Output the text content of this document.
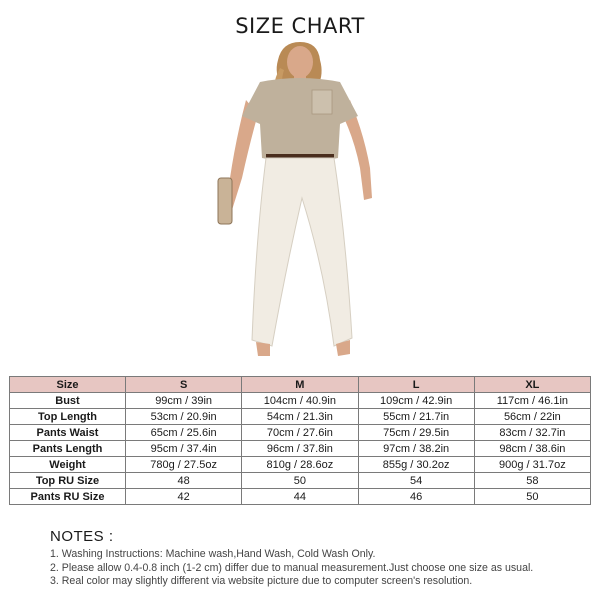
SIZE CHART
Size	S	M	L	XL
Bust	99cm / 39in	104cm / 40.9in	109cm / 42.9in	117cm / 46.1in
Top Length	53cm / 20.9in	54cm / 21.3in	55cm / 21.7in	56cm / 22in
Pants Waist	65cm / 25.6in	70cm / 27.6in	75cm / 29.5in	83cm / 32.7in
Pants Length	95cm / 37.4in	96cm / 37.8in	97cm / 38.2in	98cm / 38.6in
Weight	780g / 27.5oz	810g / 28.6oz	855g / 30.2oz	900g / 31.7oz
Top RU Size	48	50	54	58
Pants RU Size	42	44	46	50
NOTES :
1. Washing Instructions: Machine wash,Hand Wash, Cold Wash Only.
2. Please allow 0.4-0.8 inch (1-2 cm) differ due to manual measurement.Just choose one size as usual.
3. Real color may slightly different via website picture due to computer screen's resolution.
